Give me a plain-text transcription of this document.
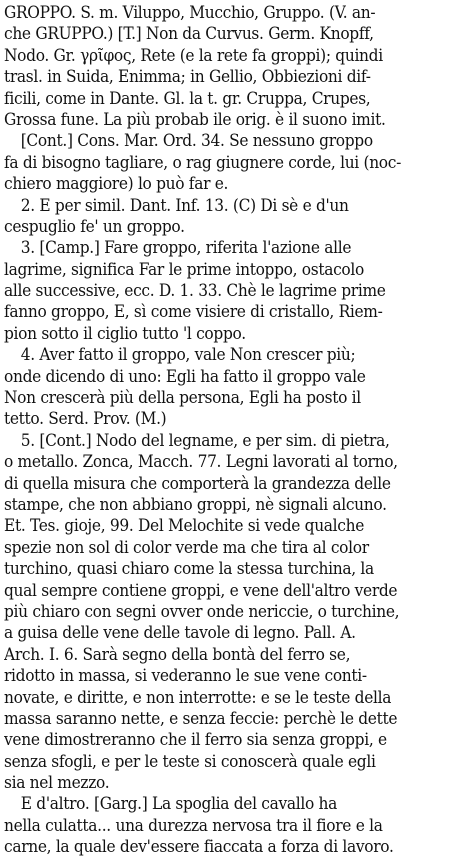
GROPPO. S. m. Viluppo, Mucchio, Gruppo. (V. an-
che GRUPPO.) [T.] Non da Curvus. Germ. Knopff,
Nodo. Gr. γρῖφος, Rete (e la rete fa groppi); quindi
trasl. in Suida, Enimma; in Gellio, Obbiezioni dif-
ficili, come in Dante. Gl. la t. gr. Cruppa, Crupes,
Grossa fune. La più probab ile orig. è il suono imit.
[Cont.] Cons. Mar. Ord. 34. Se nessuno groppo
fa di bisogno tagliare, o rag giugnere corde, lui (noc-
chiero maggiore) lo può far e.
2. E per simil. Dant. Inf. 13. (C) Di sè e d'un
cespuglio fe' un groppo.
3. [Camp.] Fare groppo, riferita l'azione alle
lagrime, significa Far le prime intoppo, ostacolo
alle successive, ecc. D. 1. 33. Chè le lagrime prime
fanno groppo, E, sì come visiere di cristallo, Riem-
pion sotto il ciglio tutto 'l coppo.
4. Aver fatto il groppo, vale Non crescer più;
onde dicendo di uno: Egli ha fatto il groppo vale
Non crescerà più della persona, Egli ha posto il
tetto. Serd. Prov. (M.)
5. [Cont.] Nodo del legname, e per sim. di pietra,
o metallo. Zonca, Macch. 77. Legni lavorati al torno,
di quella misura che comporterà la grandezza delle
stampe, che non abbiano groppi, nè signali alcuno.
Et. Tes. gioje, 99. Del Melochite si vede qualche
spezie non sol di color verde ma che tira al color
turchino, quasi chiaro come la stessa turchina, la
qual sempre contiene groppi, e vene dell'altro verde
più chiaro con segni ovver onde nericcie, o turchine,
a guisa delle vene delle tavole di legno. Pall. A.
Arch. I. 6. Sarà segno della bontà del ferro se,
ridotto in massa, si vederanno le sue vene conti-
novate, e diritte, e non interrotte: e se le teste della
massa saranno nette, e senza feccie: perchè le dette
vene dimostreranno che il ferro sia senza groppi, e
senza sfogli, e per le teste si conoscerà quale egli
sia nel mezzo.
E d'altro. [Garg.] La spoglia del cavallo ha
nella culatta... una durezza nervosa tra il fiore e la
carne, la quale dev'essere fiaccata a forza di lavoro.
